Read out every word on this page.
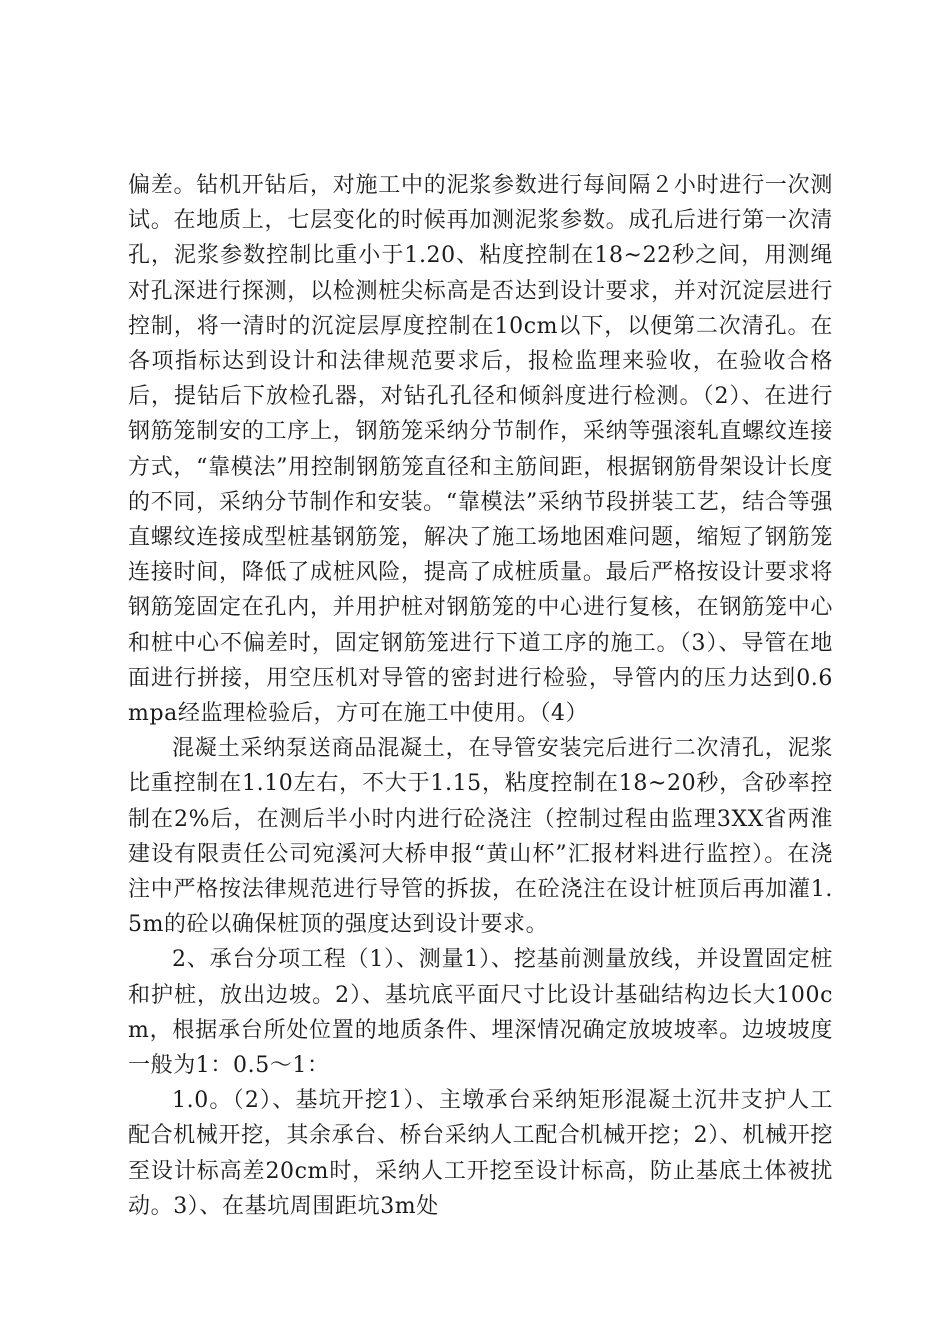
偏差。钻机开钻后，对施工中的泥浆参数进行每间隔２小时进行一次测试。在地质上，七层变化的时候再加测泥浆参数。成孔后进行第一次清孔，泥浆参数控制比重小于1.20、粘度控制在18~22秒之间，用测绳对孔深进行探测，以检测桩尖标高是否达到设计要求，并对沉淀层进行控制，将一清时的沉淀层厚度控制在10cm以下，以便第二次清孔。在各项指标达到设计和法律规范要求后，报检监理来验收，在验收合格后，提钻后下放检孔器，对钻孔孔径和倾斜度进行检测。（2）、在进行钢筋笼制安的工序上，钢筋笼采纳分节制作，采纳等强滚轧直螺纹连接方式，“靠模法”用控制钢筋笼直径和主筋间距，根据钢筋骨架设计长度的不同，采纳分节制作和安装。“靠模法”采纳节段拼装工艺，结合等强直螺纹连接成型桩基钢筋笼，解决了施工场地困难问题，缩短了钢筋笼连接时间，降低了成桩风险，提高了成桩质量。最后严格按设计要求将钢筋笼固定在孔内，并用护桩对钢筋笼的中心进行复核，在钢筋笼中心和桩中心不偏差时，固定钢筋笼进行下道工序的施工。（3）、导管在地面进行拼接，用空压机对导管的密封进行检验，导管内的压力达到0.6mpa经监理检验后，方可在施工中使用。（4）

混凝土采纳泵送商品混凝土，在导管安装完后进行二次清孔，泥浆比重控制在1.10左右，不大于1.15，粘度控制在18~20秒，含砂率控制在2%后，在测后半小时内进行砼浇注（控制过程由监理3XX省两淮建设有限责任公司宛溪河大桥申报“黄山杯”汇报材料进行监控）。在浇注中严格按法律规范进行导管的拆拔，在砼浇注在设计桩顶后再加灌1.5m的砼以确保桩顶的强度达到设计要求。

2、承台分项工程（1）、测量1）、挖基前测量放线，并设置固定桩和护桩，放出边坡。2）、基坑底平面尺寸比设计基础结构边长大100cm，根据承台所处位置的地质条件、埋深情况确定放坡坡率。边坡坡度一般为1：0.5～1：

1.0。（2）、基坑开挖1）、主墩承台采纳矩形混凝土沉井支护人工配合机械开挖，其余承台、桥台采纳人工配合机械开挖；2）、机械开挖至设计标高差20cm时，采纳人工开挖至设计标高，防止基底土体被扰动。3）、在基坑周围距坑3m处
